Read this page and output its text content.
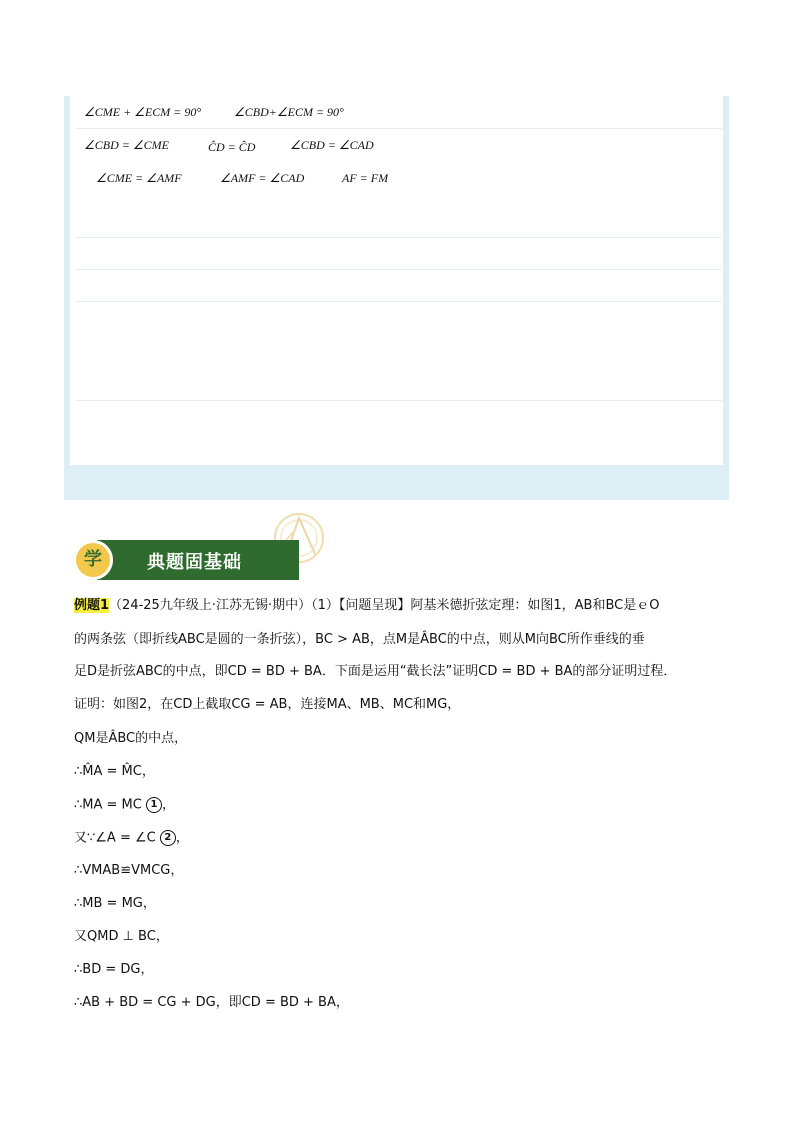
∠CME + ∠ECM = 90°	∠CBD+∠ECM = 90°
∠CBD = ∠CME	ĈD = ĈD	∠CBD = ∠CAD
∠CME = ∠AMF	∠AMF = ∠CAD	AF = FM
典题固基础
学
例题1（24-25九年级上·江苏无锡·期中）（1）【问题呈现】阿基米德折弦定理：如图1，AB和BC是ｅO
的两条弦（即折线ABC是圆的一条折弦），BC > AB，点M是ÂBC的中点，则从M向BC所作垂线的垂
足D是折弦ABC的中点，即CD = BD + BA．下面是运用“截长法”证明CD = BD + BA的部分证明过程．
证明：如图2，在CD上截取CG = AB，连接MA、MB、MC和MG，
QM是ÂBC的中点，
∴M̂A = M̂C，
∴MA = MC 1 ，
又∵∠A = ∠C 2 ，
∴VMAB≌VMCG，
∴MB = MG，
又QMD ⊥ BC，
∴BD = DG，
∴AB + BD = CG + DG，即CD = BD + BA，
